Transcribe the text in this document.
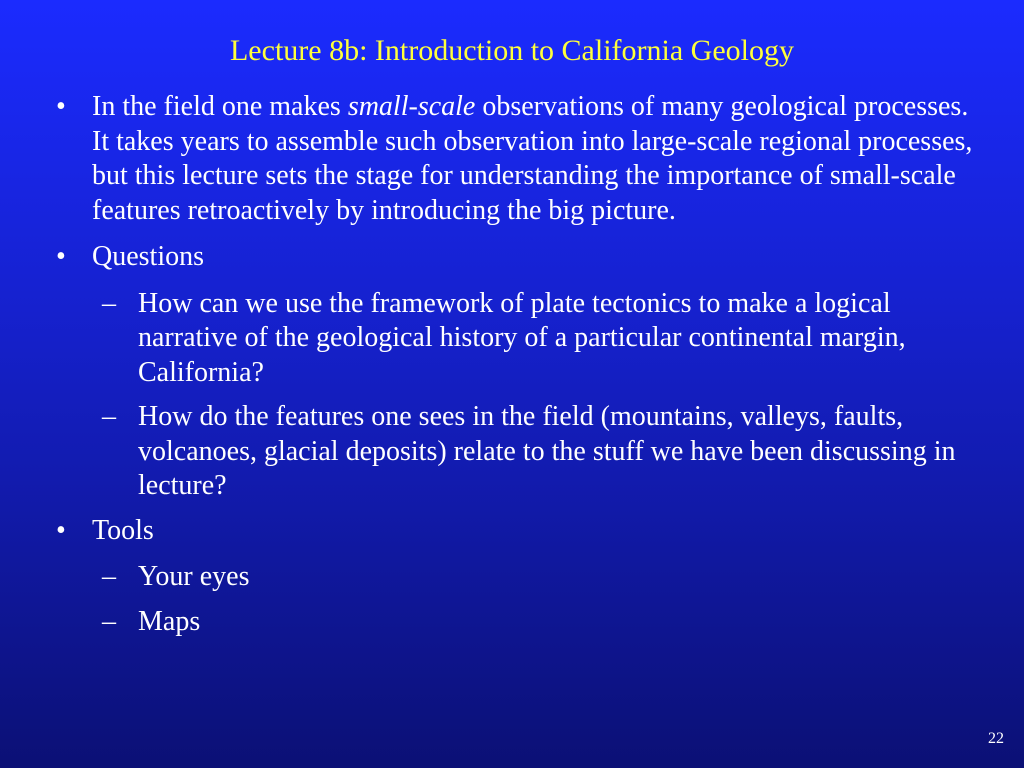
Lecture 8b: Introduction to California Geology
• In the field one makes small-scale observations of many geological processes. It takes years to assemble such observation into large-scale regional processes, but this lecture sets the stage for understanding the importance of small-scale features retroactively by introducing the big picture.
• Questions
– How can we use the framework of plate tectonics to make a logical narrative of the geological history of a particular continental margin, California?
– How do the features one sees in the field (mountains, valleys, faults, volcanoes, glacial deposits) relate to the stuff we have been discussing in lecture?
• Tools
– Your eyes
– Maps
22
